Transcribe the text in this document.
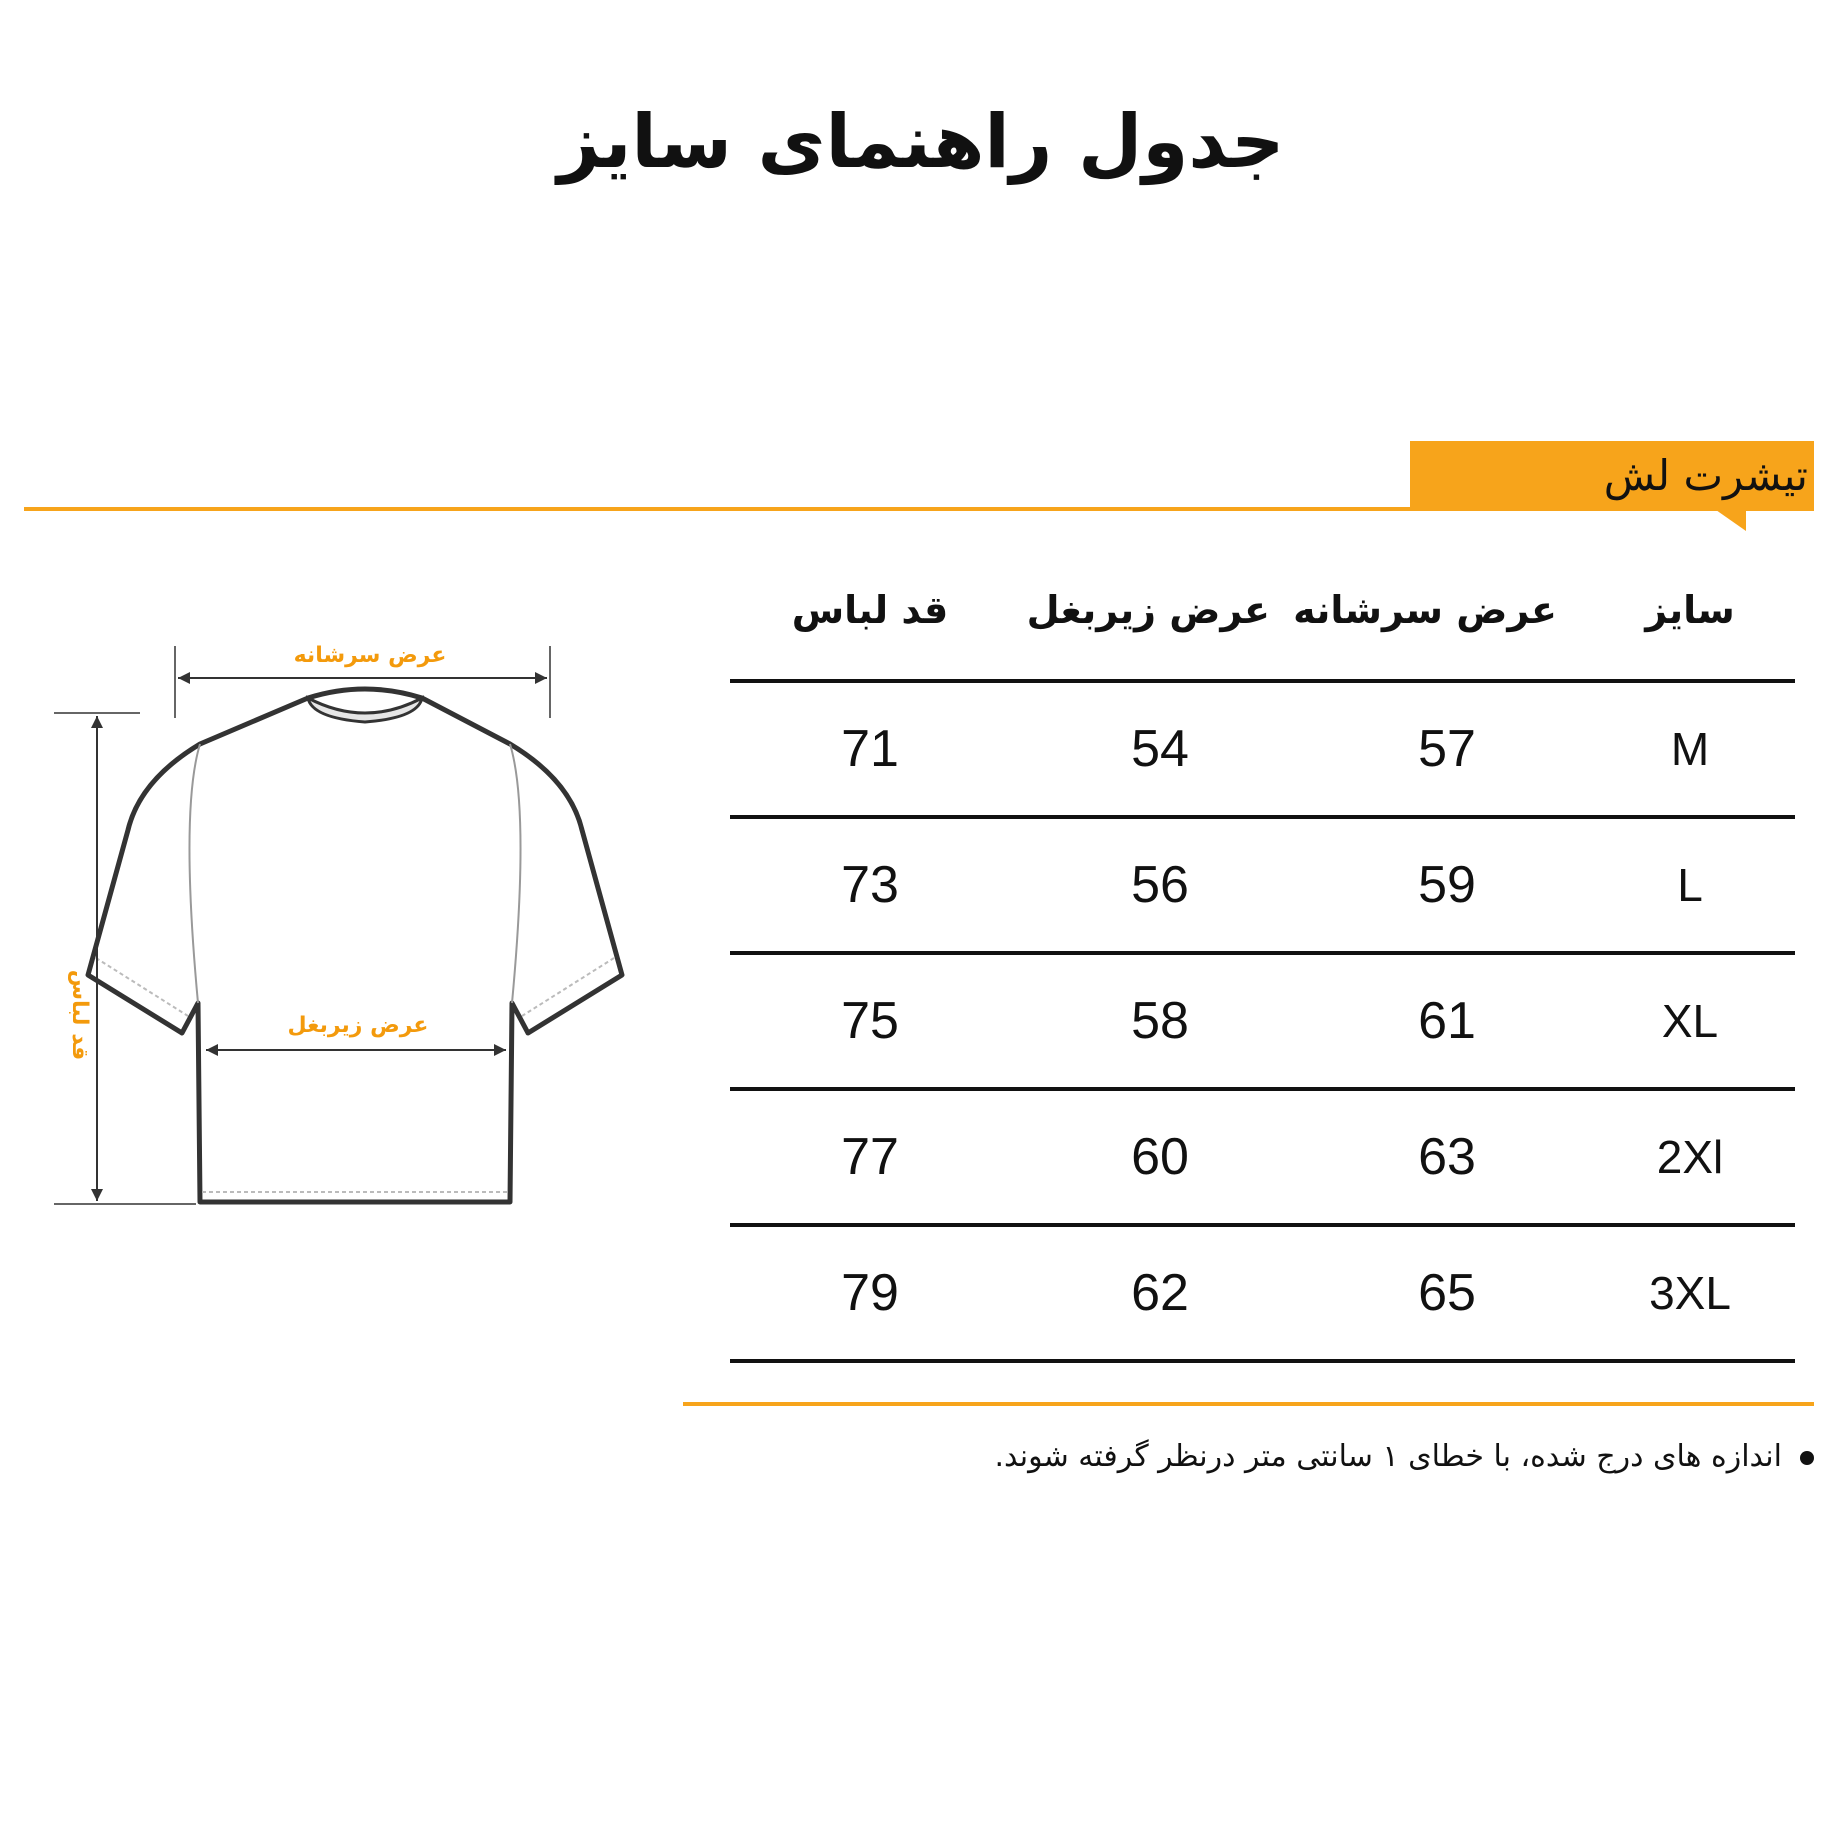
جدول راهنمای سایز
تیشرت لش
عرض سرشانه
عرض زیربغل
قد لباس
سایز
عرض سرشانه
عرض زیربغل
قد لباس
M
57
54
71
L
59
56
73
XL
61
58
75
2Xl
63
60
77
3XL
65
62
79
اندازه های درج شده، با خطای ۱ سانتی متر درنظر گرفته شوند.
